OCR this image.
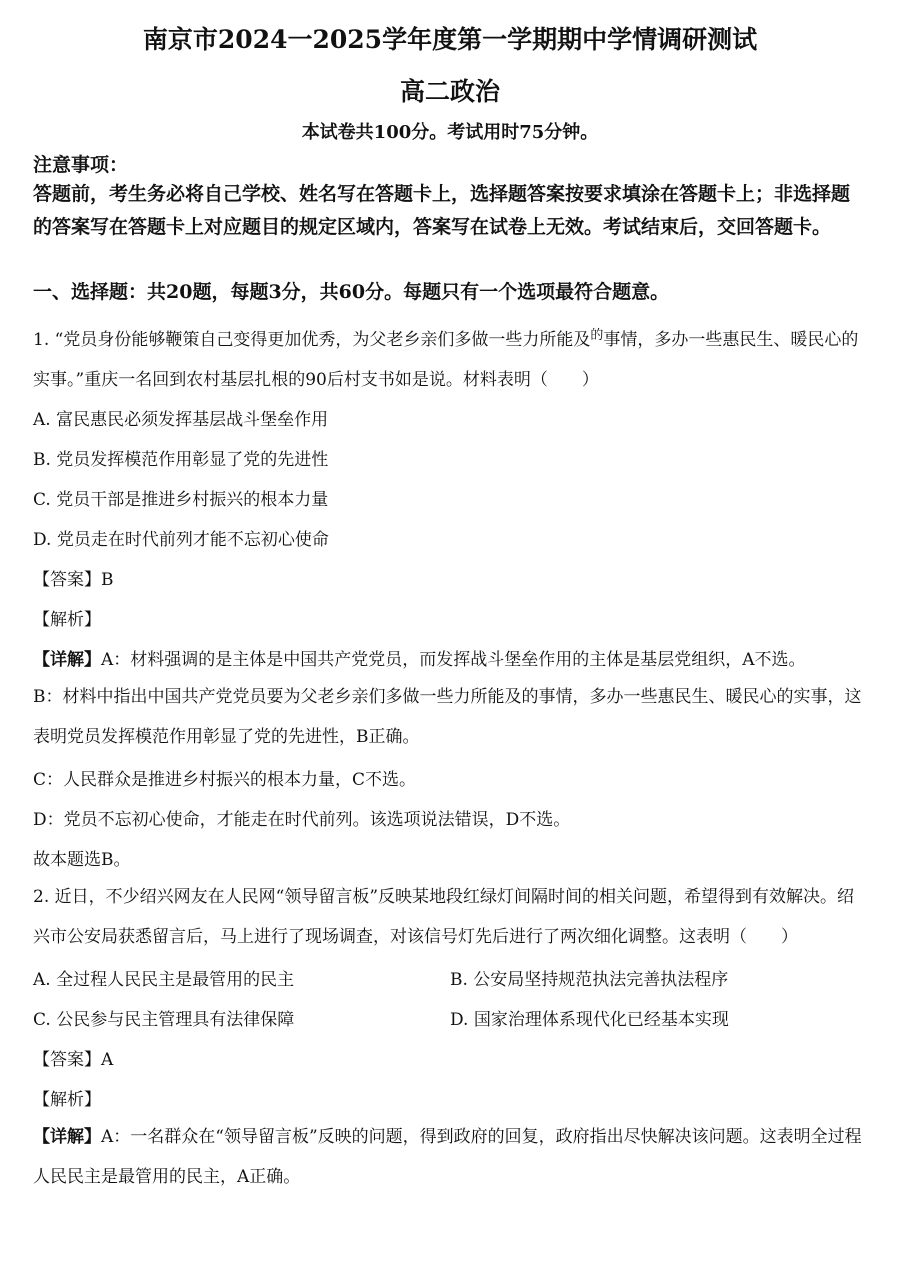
南京市2024一2025学年度第一学期期中学情调研测试
高二政治
本试卷共100分。考试用时75分钟。
注意事项：
答题前，考生务必将自己学校、姓名写在答题卡上，选择题答案按要求填涂在答题卡上；非选择题的答案写在答题卡上对应题目的规定区域内，答案写在试卷上无效。考试结束后，交回答题卡。
一、选择题：共20题，每题3分，共60分。每题只有一个选项最符合题意。
1. “党员身份能够鞭策自己变得更加优秀，为父老乡亲们多做一些力所能及$^的$事情，多办一些惠民生、暖民心的实事。”重庆一名回到农村基层扎根的90后村支书如是说。材料表明（　　）
A. 富民惠民必须发挥基层战斗堡垒作用
B. 党员发挥模范作用彰显了党的先进性
C. 党员干部是推进乡村振兴的根本力量
D. 党员走在时代前列才能不忘初心使命
【答案】B
【解析】
【详解】A：材料强调的是主体是中国共产党党员，而发挥战斗堡垒作用的主体是基层党组织，A不选。
B：材料中指出中国共产党党员要为父老乡亲们多做一些力所能及的事情，多办一些惠民生、暖民心的实事，这表明党员发挥模范作用彰显了党的先进性，B正确。
C：人民群众是推进乡村振兴的根本力量，C不选。
D：党员不忘初心使命，才能走在时代前列。该选项说法错误，D不选。
故本题选B。
2. 近日，不少绍兴网友在人民网“领导留言板”反映某地段红绿灯间隔时间的相关问题，希望得到有效解决。绍兴市公安局获悉留言后，马上进行了现场调查，对该信号灯先后进行了两次细化调整。这表明（　　）
A. 全过程人民民主是最管用的民主	B. 公安局坚持规范执法完善执法程序
C. 公民参与民主管理具有法律保障	D. 国家治理体系现代化已经基本实现
【答案】A
【解析】
【详解】A：一名群众在“领导留言板”反映的问题，得到政府的回复，政府指出尽快解决该问题。这表明全过程人民民主是最管用的民主，A正确。
